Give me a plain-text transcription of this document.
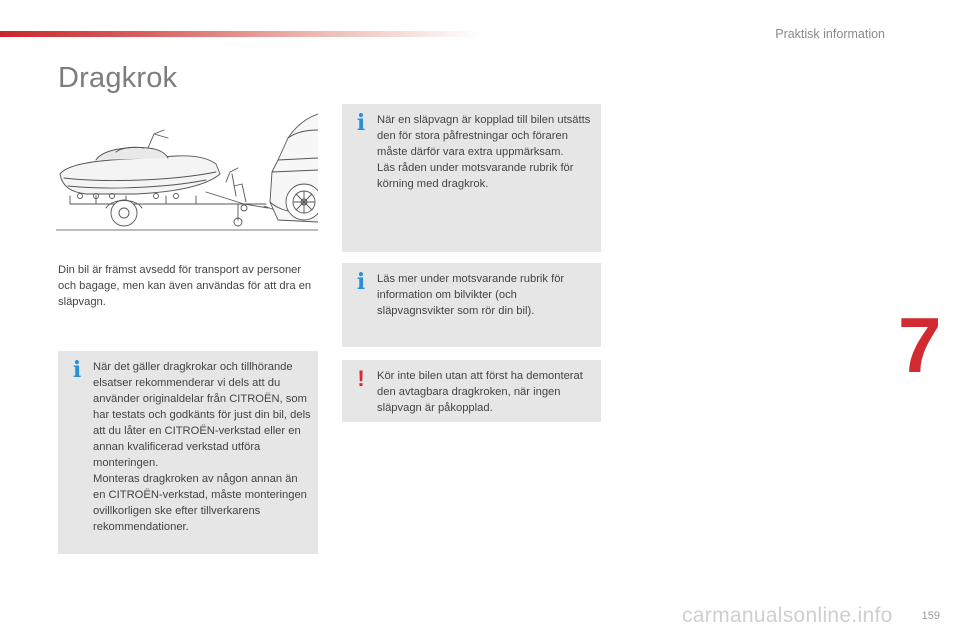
Praktisk information
Dragkrok
Din bil är främst avsedd för transport av personer och bagage, men kan även användas för att dra en släpvagn.
i När det gäller dragkrokar och tillhörande elsatser rekommenderar vi dels att du använder originaldelar från CITROËN, som har testats och godkänts för just din bil, dels att du låter en CITROËN-verkstad eller en annan kvalificerad verkstad utföra monteringen.
Monteras dragkroken av någon annan än en CITROËN-verkstad, måste monteringen ovillkorligen ske efter tillverkarens rekommendationer.
i När en släpvagn är kopplad till bilen utsätts den för stora påfrestningar och föraren måste därför vara extra uppmärksam.
Läs råden under motsvarande rubrik för körning med dragkrok.
i Läs mer under motsvarande rubrik för information om bilvikter (och släpvagnsvikter som rör din bil).
! Kör inte bilen utan att först ha demonterat den avtagbara dragkroken, när ingen släpvagn är påkopplad.
7
carmanualsonline.info	159
